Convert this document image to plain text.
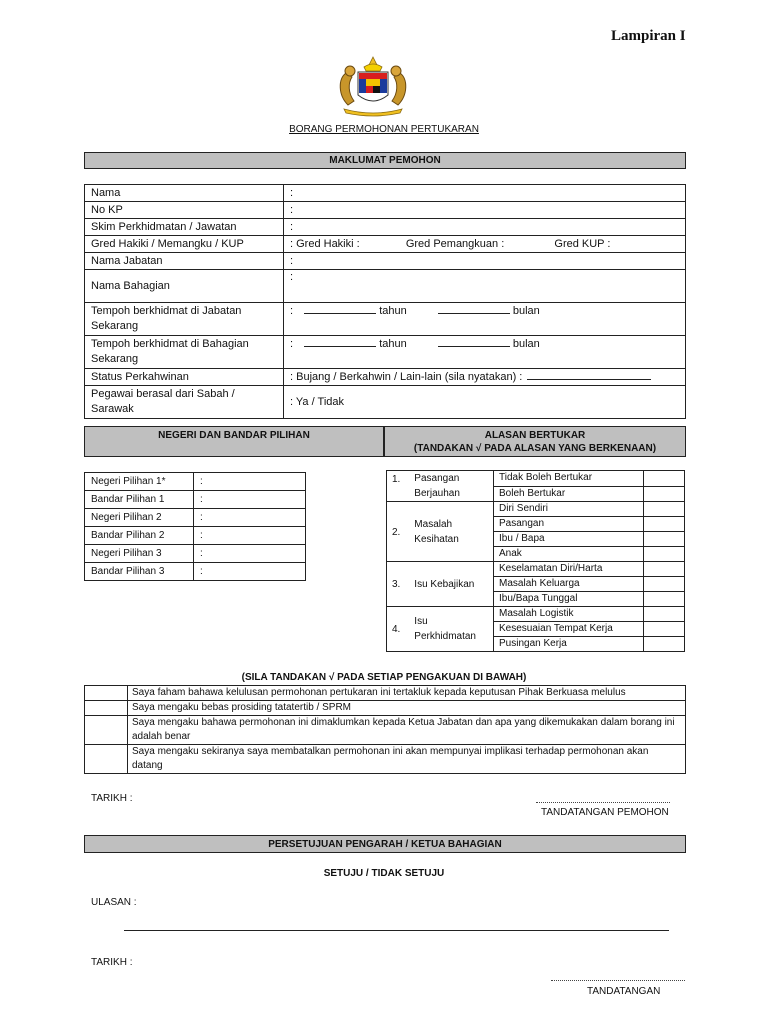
Lampiran I
BORANG PERMOHONAN PERTUKARAN
MAKLUMAT PEMOHON
Nama	:
No KP	:
Skim Perkhidmatan / Jawatan	:
Gred Hakiki / Memangku / KUP	: Gred Hakiki : Gred Pemangkuan : Gred KUP :
Nama Jabatan	:
Nama Bahagian	:
Tempoh berkhidmat di Jabatan Sekarang	: tahun bulan
Tempoh berkhidmat di Bahagian Sekarang	: tahun bulan
Status Perkahwinan	: Bujang / Berkahwin / Lain-lain (sila nyatakan) :
Pegawai berasal dari Sabah / Sarawak	: Ya / Tidak
NEGERI DAN BANDAR PILIHAN	ALASAN BERTUKAR
(TANDAKAN √ PADA ALASAN YANG BERKENAAN)
Negeri Pilihan 1*	:
Bandar Pilihan 1	:
Negeri Pilihan 2	:
Bandar Pilihan 2	:
Negeri Pilihan 3	:
Bandar Pilihan 3	:
1.	Pasangan Berjauhan	Tidak Boleh Bertukar	
		Boleh Bertukar	
2.	Masalah Kesihatan	Diri Sendiri	
		Pasangan	
		Ibu / Bapa	
		Anak	
3.	Isu Kebajikan	Keselamatan Diri/Harta	
		Masalah Keluarga	
		Ibu/Bapa Tunggal	
4.	Isu Perkhidmatan	Masalah Logistik	
		Kesesuaian Tempat Kerja	
		Pusingan Kerja	
(SILA TANDAKAN √ PADA SETIAP PENGAKUAN DI BAWAH)
	Saya faham bahawa kelulusan permohonan pertukaran ini tertakluk kepada keputusan Pihak Berkuasa melulus
	Saya mengaku bebas prosiding tatatertib / SPRM
	Saya mengaku bahawa permohonan ini dimaklumkan kepada Ketua Jabatan dan apa yang dikemukakan dalam borang ini adalah benar
	Saya mengaku sekiranya saya membatalkan permohonan ini akan mempunyai implikasi terhadap permohonan akan datang
TARIKH :
TANDATANGAN PEMOHON
PERSETUJUAN PENGARAH / KETUA BAHAGIAN
SETUJU / TIDAK SETUJU
ULASAN :
TARIKH :
TANDATANGAN
